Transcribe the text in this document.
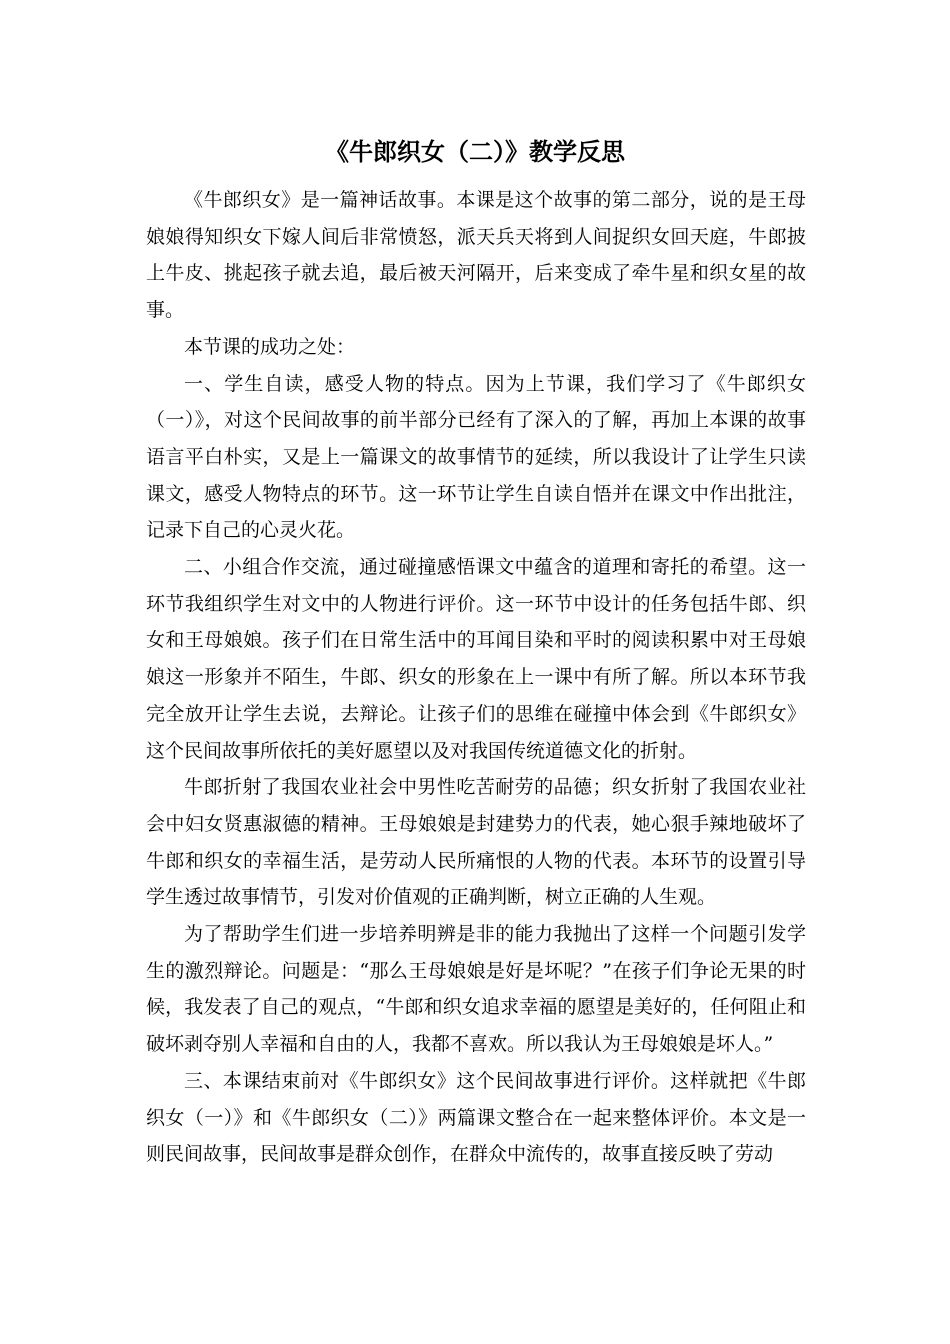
《牛郎织女（二）》教学反思

《牛郎织女》是一篇神话故事。本课是这个故事的第二部分，说的是王母娘娘得知织女下嫁人间后非常愤怒，派天兵天将到人间捉织女回天庭，牛郎披上牛皮、挑起孩子就去追，最后被天河隔开，后来变成了牵牛星和织女星的故事。

本节课的成功之处：

一、学生自读，感受人物的特点。因为上节课，我们学习了《牛郎织女（一）》，对这个民间故事的前半部分已经有了深入的了解，再加上本课的故事语言平白朴实，又是上一篇课文的故事情节的延续，所以我设计了让学生只读课文，感受人物特点的环节。这一环节让学生自读自悟并在课文中作出批注，记录下自己的心灵火花。

二、小组合作交流，通过碰撞感悟课文中蕴含的道理和寄托的希望。这一环节我组织学生对文中的人物进行评价。这一环节中设计的任务包括牛郎、织女和王母娘娘。孩子们在日常生活中的耳闻目染和平时的阅读积累中对王母娘娘这一形象并不陌生，牛郎、织女的形象在上一课中有所了解。所以本环节我完全放开让学生去说，去辩论。让孩子们的思维在碰撞中体会到《牛郎织女》这个民间故事所依托的美好愿望以及对我国传统道德文化的折射。

牛郎折射了我国农业社会中男性吃苦耐劳的品德；织女折射了我国农业社会中妇女贤惠淑德的精神。王母娘娘是封建势力的代表，她心狠手辣地破坏了牛郎和织女的幸福生活，是劳动人民所痛恨的人物的代表。本环节的设置引导学生透过故事情节，引发对价值观的正确判断，树立正确的人生观。

为了帮助学生们进一步培养明辨是非的能力我抛出了这样一个问题引发学生的激烈辩论。问题是：“那么王母娘娘是好是坏呢？”在孩子们争论无果的时候，我发表了自己的观点，“牛郎和织女追求幸福的愿望是美好的，任何阻止和破坏剥夺别人幸福和自由的人，我都不喜欢。所以我认为王母娘娘是坏人。”

三、本课结束前对《牛郎织女》这个民间故事进行评价。这样就把《牛郎织女（一）》和《牛郎织女（二）》两篇课文整合在一起来整体评价。本文是一则民间故事，民间故事是群众创作，在群众中流传的，故事直接反映了劳动
